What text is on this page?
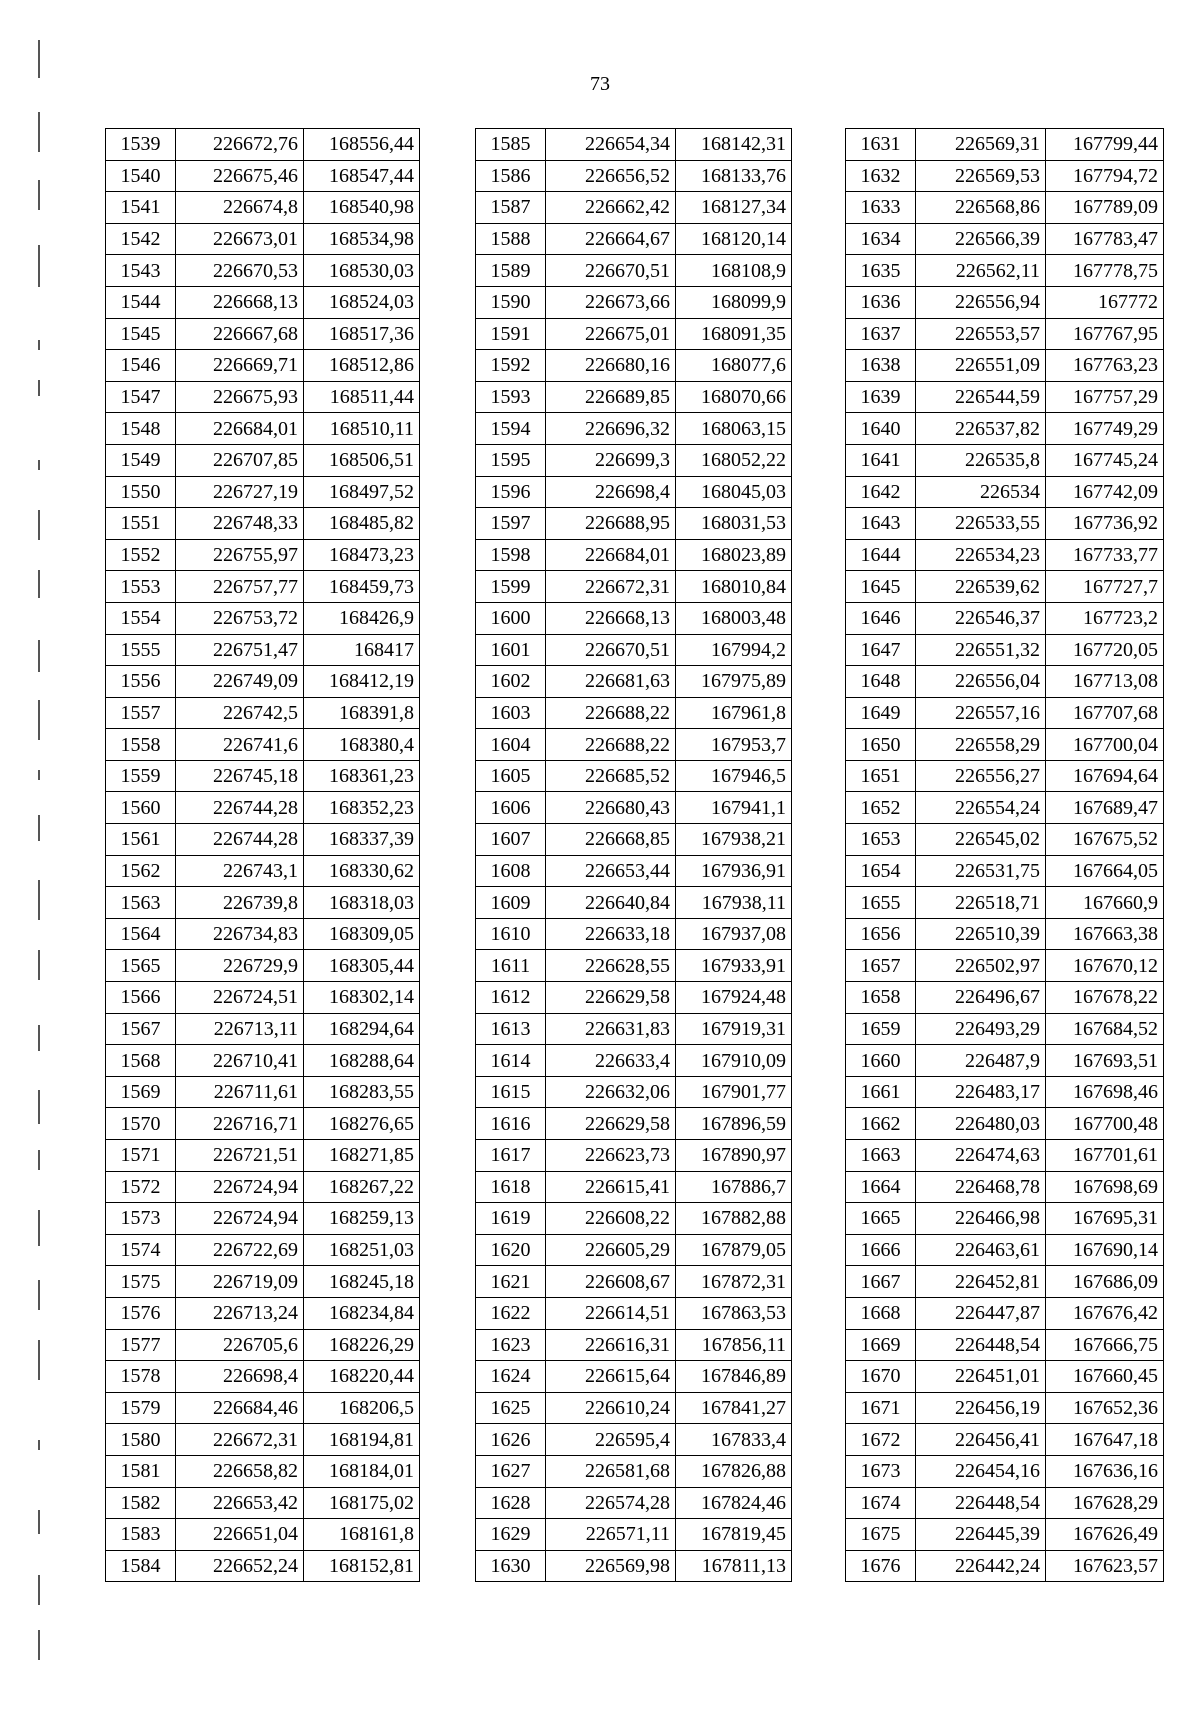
73
1539	226672,76	168556,44
1540	226675,46	168547,44
1541	226674,8	168540,98
1542	226673,01	168534,98
1543	226670,53	168530,03
1544	226668,13	168524,03
1545	226667,68	168517,36
1546	226669,71	168512,86
1547	226675,93	168511,44
1548	226684,01	168510,11
1549	226707,85	168506,51
1550	226727,19	168497,52
1551	226748,33	168485,82
1552	226755,97	168473,23
1553	226757,77	168459,73
1554	226753,72	168426,9
1555	226751,47	168417
1556	226749,09	168412,19
1557	226742,5	168391,8
1558	226741,6	168380,4
1559	226745,18	168361,23
1560	226744,28	168352,23
1561	226744,28	168337,39
1562	226743,1	168330,62
1563	226739,8	168318,03
1564	226734,83	168309,05
1565	226729,9	168305,44
1566	226724,51	168302,14
1567	226713,11	168294,64
1568	226710,41	168288,64
1569	226711,61	168283,55
1570	226716,71	168276,65
1571	226721,51	168271,85
1572	226724,94	168267,22
1573	226724,94	168259,13
1574	226722,69	168251,03
1575	226719,09	168245,18
1576	226713,24	168234,84
1577	226705,6	168226,29
1578	226698,4	168220,44
1579	226684,46	168206,5
1580	226672,31	168194,81
1581	226658,82	168184,01
1582	226653,42	168175,02
1583	226651,04	168161,8
1584	226652,24	168152,81
1585	226654,34	168142,31
1586	226656,52	168133,76
1587	226662,42	168127,34
1588	226664,67	168120,14
1589	226670,51	168108,9
1590	226673,66	168099,9
1591	226675,01	168091,35
1592	226680,16	168077,6
1593	226689,85	168070,66
1594	226696,32	168063,15
1595	226699,3	168052,22
1596	226698,4	168045,03
1597	226688,95	168031,53
1598	226684,01	168023,89
1599	226672,31	168010,84
1600	226668,13	168003,48
1601	226670,51	167994,2
1602	226681,63	167975,89
1603	226688,22	167961,8
1604	226688,22	167953,7
1605	226685,52	167946,5
1606	226680,43	167941,1
1607	226668,85	167938,21
1608	226653,44	167936,91
1609	226640,84	167938,11
1610	226633,18	167937,08
1611	226628,55	167933,91
1612	226629,58	167924,48
1613	226631,83	167919,31
1614	226633,4	167910,09
1615	226632,06	167901,77
1616	226629,58	167896,59
1617	226623,73	167890,97
1618	226615,41	167886,7
1619	226608,22	167882,88
1620	226605,29	167879,05
1621	226608,67	167872,31
1622	226614,51	167863,53
1623	226616,31	167856,11
1624	226615,64	167846,89
1625	226610,24	167841,27
1626	226595,4	167833,4
1627	226581,68	167826,88
1628	226574,28	167824,46
1629	226571,11	167819,45
1630	226569,98	167811,13
1631	226569,31	167799,44
1632	226569,53	167794,72
1633	226568,86	167789,09
1634	226566,39	167783,47
1635	226562,11	167778,75
1636	226556,94	167772
1637	226553,57	167767,95
1638	226551,09	167763,23
1639	226544,59	167757,29
1640	226537,82	167749,29
1641	226535,8	167745,24
1642	226534	167742,09
1643	226533,55	167736,92
1644	226534,23	167733,77
1645	226539,62	167727,7
1646	226546,37	167723,2
1647	226551,32	167720,05
1648	226556,04	167713,08
1649	226557,16	167707,68
1650	226558,29	167700,04
1651	226556,27	167694,64
1652	226554,24	167689,47
1653	226545,02	167675,52
1654	226531,75	167664,05
1655	226518,71	167660,9
1656	226510,39	167663,38
1657	226502,97	167670,12
1658	226496,67	167678,22
1659	226493,29	167684,52
1660	226487,9	167693,51
1661	226483,17	167698,46
1662	226480,03	167700,48
1663	226474,63	167701,61
1664	226468,78	167698,69
1665	226466,98	167695,31
1666	226463,61	167690,14
1667	226452,81	167686,09
1668	226447,87	167676,42
1669	226448,54	167666,75
1670	226451,01	167660,45
1671	226456,19	167652,36
1672	226456,41	167647,18
1673	226454,16	167636,16
1674	226448,54	167628,29
1675	226445,39	167626,49
1676	226442,24	167623,57
